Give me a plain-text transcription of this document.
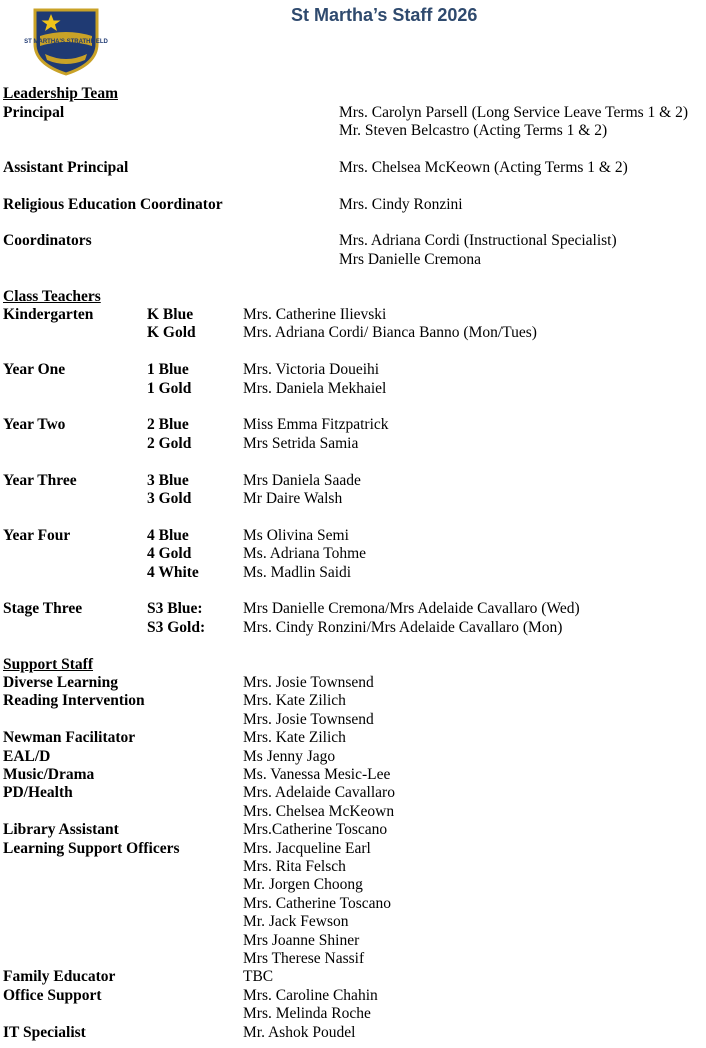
ST MARTHA'S STRATHFIELD
St Martha’s Staff 2026
Leadership Team
Principal	Mrs. Carolyn Parsell (Long Service Leave Terms 1 & 2)
Mr. Steven Belcastro (Acting Terms 1 & 2)
Assistant Principal	Mrs. Chelsea McKeown (Acting Terms 1 & 2)
Religious Education Coordinator	Mrs. Cindy Ronzini
Coordinators	Mrs. Adriana Cordi (Instructional Specialist)
Mrs Danielle Cremona
Class Teachers
Kindergarten	K Blue	Mrs. Catherine Ilievski
K Gold	Mrs. Adriana Cordi/ Bianca Banno (Mon/Tues)
Year One	1 Blue	Mrs. Victoria Doueihi
1 Gold	Mrs. Daniela Mekhaiel
Year Two	2 Blue	Miss Emma Fitzpatrick
2 Gold	Mrs Setrida Samia
Year Three	3 Blue	Mrs Daniela Saade
3 Gold	Mr Daire Walsh
Year Four	4 Blue	Ms Olivina Semi
4 Gold	Ms. Adriana Tohme
4 White	Ms. Madlin Saidi
Stage Three	S3 Blue:	Mrs Danielle Cremona/Mrs Adelaide Cavallaro (Wed)
S3 Gold: Mrs. Cindy Ronzini/Mrs Adelaide Cavallaro (Mon)
Support Staff
Diverse Learning	Mrs. Josie Townsend
Reading Intervention	Mrs. Kate Zilich
Mrs. Josie Townsend
Newman Facilitator	Mrs. Kate Zilich
EAL/D	Ms Jenny Jago
Music/Drama	Ms. Vanessa Mesic-Lee
PD/Health	Mrs. Adelaide Cavallaro
Mrs. Chelsea McKeown
Library Assistant	Mrs.Catherine Toscano
Learning Support Officers	Mrs. Jacqueline Earl
Mrs. Rita Felsch
Mr. Jorgen Choong
Mrs. Catherine Toscano
Mr. Jack Fewson
Mrs Joanne Shiner
Mrs Therese Nassif
Family Educator	TBC
Office Support	Mrs. Caroline Chahin
Mrs. Melinda Roche
IT Specialist	Mr. Ashok Poudel
